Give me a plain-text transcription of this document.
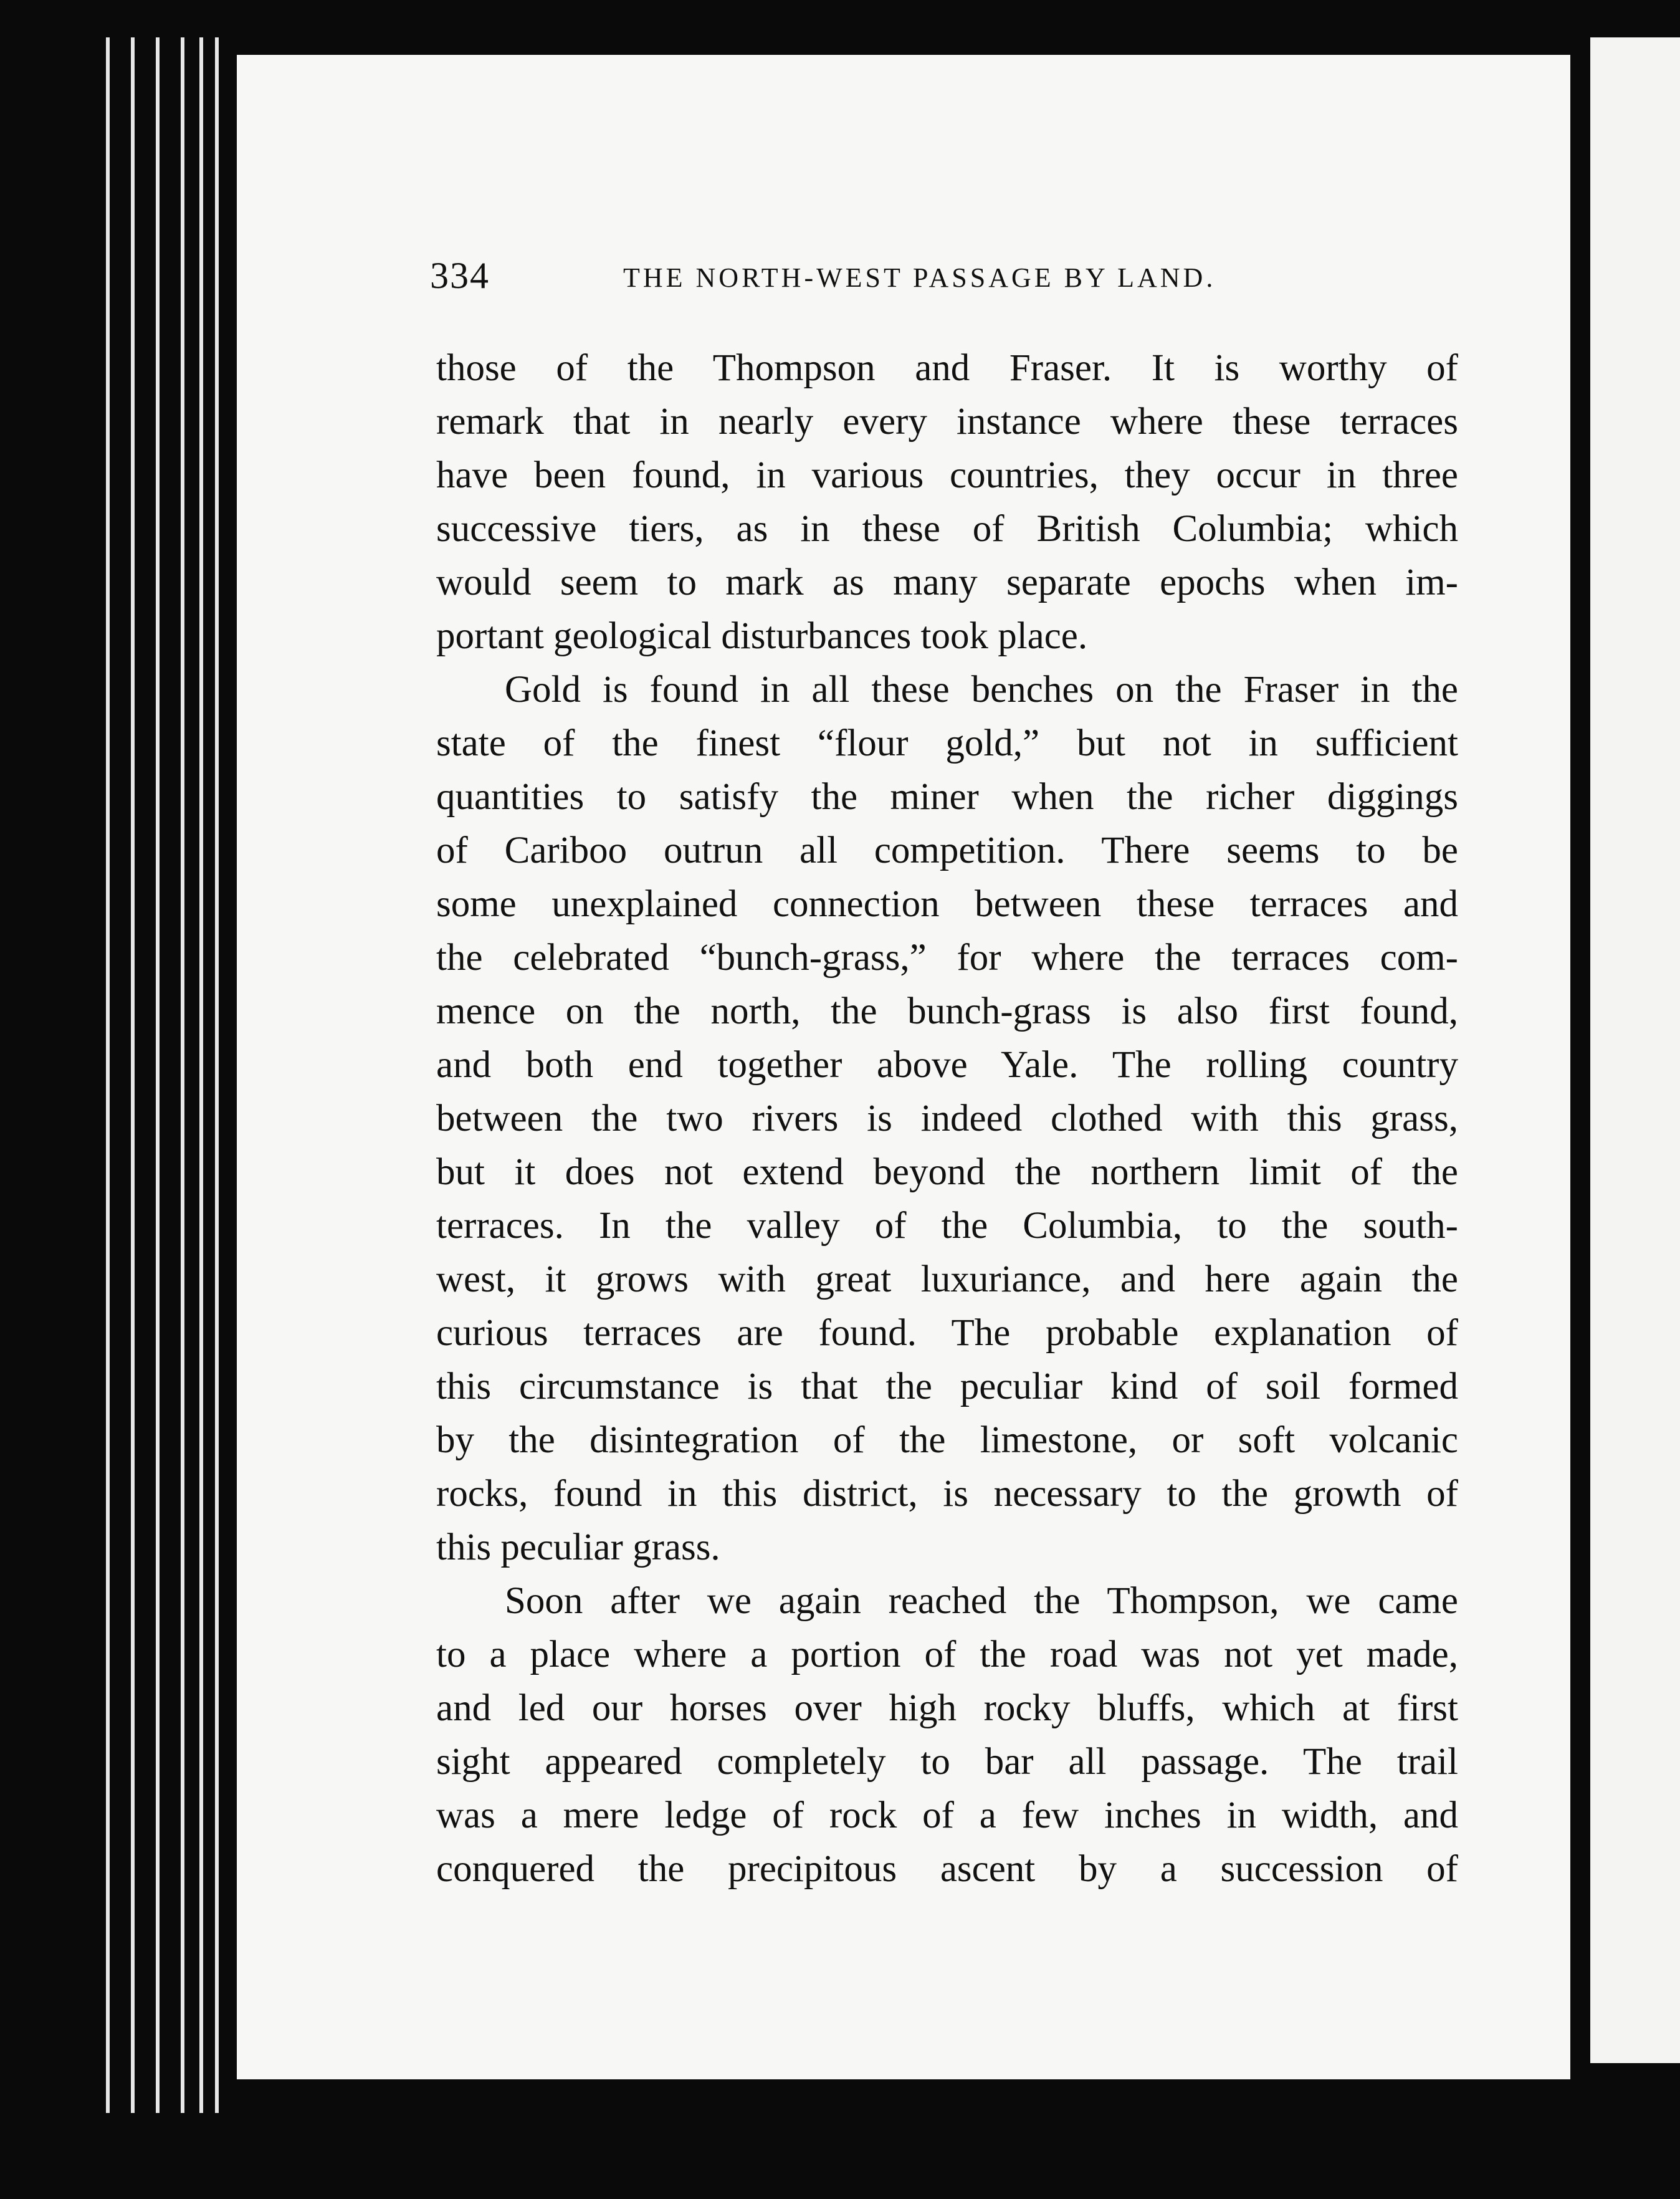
334	THE NORTH-WEST PASSAGE BY LAND.
those of the Thompson and Fraser. It is worthy of
remark that in nearly every instance where these terraces
have been found, in various countries, they occur in three
successive tiers, as in these of British Columbia; which
would seem to mark as many separate epochs when im-
portant geological disturbances took place.
Gold is found in all these benches on the Fraser in the
state of the finest “flour gold,” but not in sufficient
quantities to satisfy the miner when the richer diggings
of Cariboo outrun all competition. There seems to be
some unexplained connection between these terraces and
the celebrated “bunch-grass,” for where the terraces com-
mence on the north, the bunch-grass is also first found,
and both end together above Yale. The rolling country
between the two rivers is indeed clothed with this grass,
but it does not extend beyond the northern limit of the
terraces. In the valley of the Columbia, to the south-
west, it grows with great luxuriance, and here again the
curious terraces are found. The probable explanation of
this circumstance is that the peculiar kind of soil formed
by the disintegration of the limestone, or soft volcanic
rocks, found in this district, is necessary to the growth of
this peculiar grass.
Soon after we again reached the Thompson, we came
to a place where a portion of the road was not yet made,
and led our horses over high rocky bluffs, which at first
sight appeared completely to bar all passage. The trail
was a mere ledge of rock of a few inches in width, and
conquered the precipitous ascent by a succession of
